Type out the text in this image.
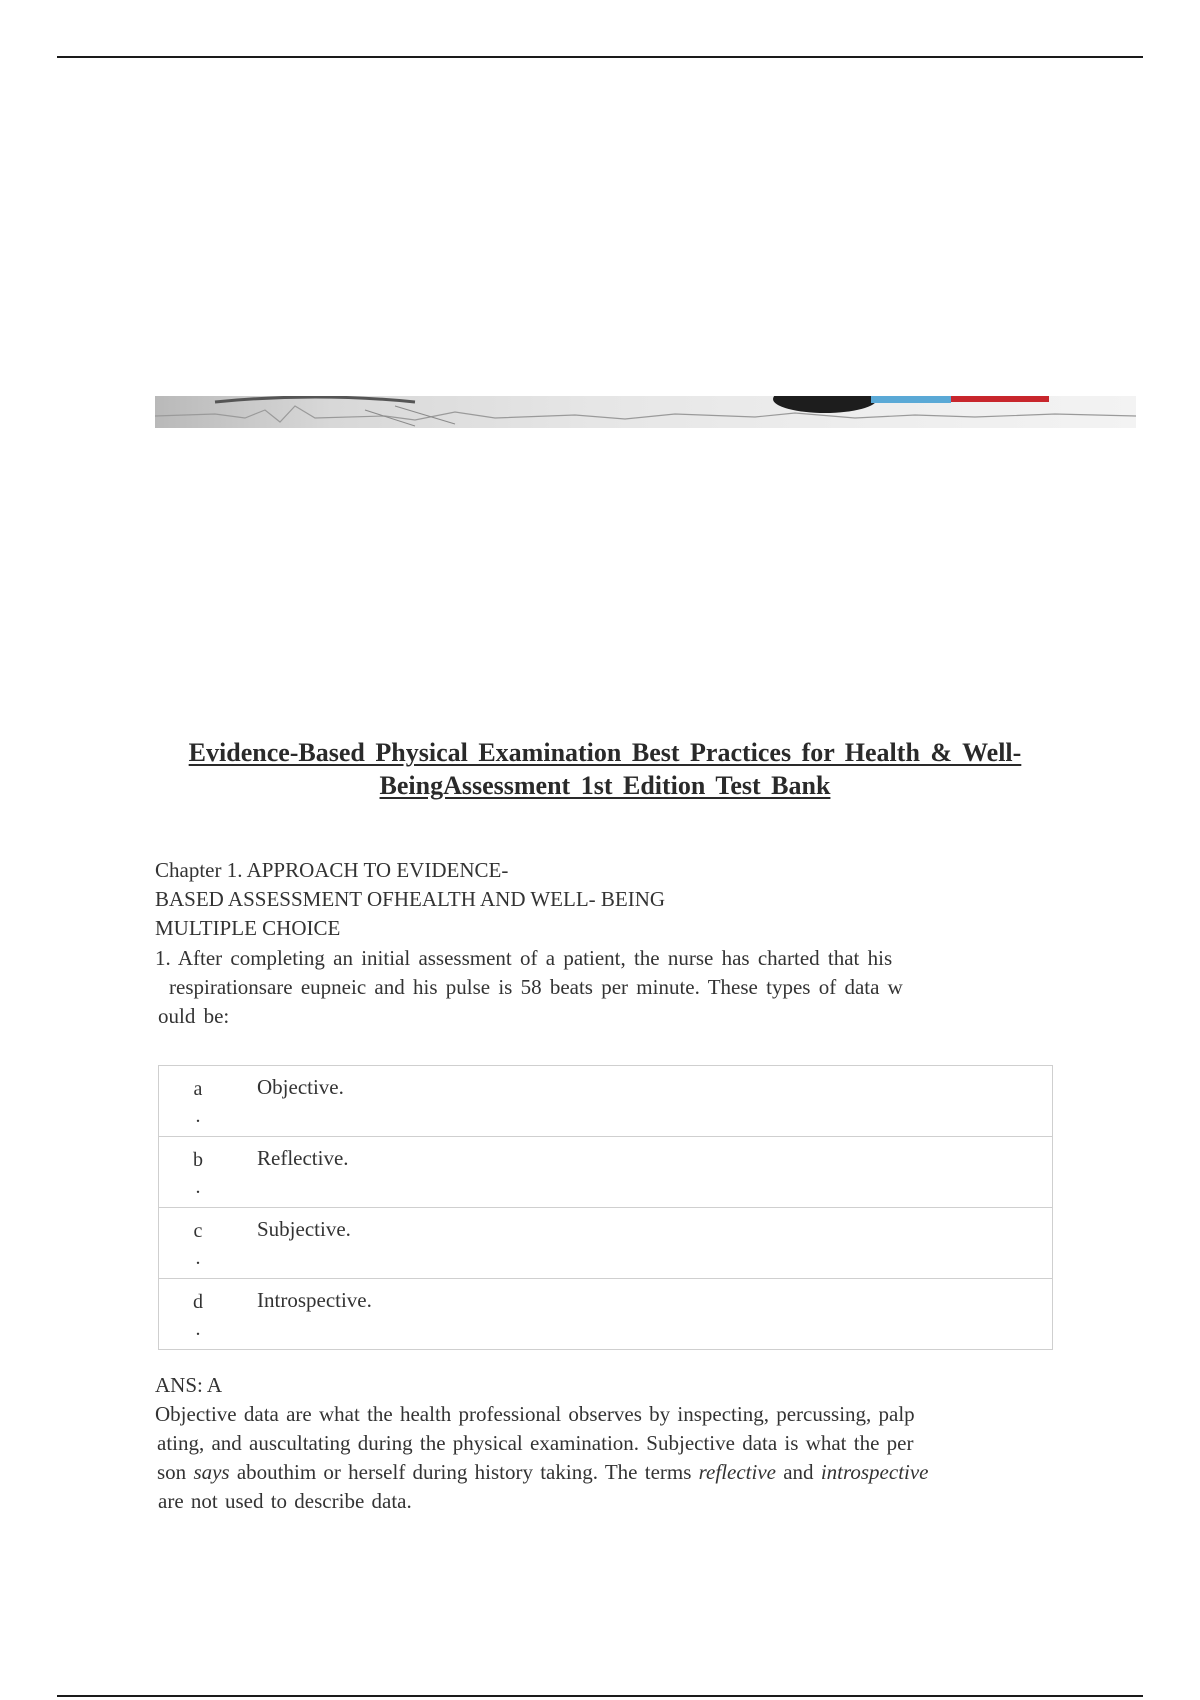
Evidence-Based Physical Examination Best Practices for Health & Well-
BeingAssessment 1st Edition Test Bank
Chapter 1. APPROACH TO EVIDENCE-
BASED ASSESSMENT OFHEALTH AND WELL- BEING
MULTIPLE CHOICE
1. After completing an initial assessment of a patient, the nurse has charted that his
respirationsare eupneic and his pulse is 58 beats per minute. These types of data w
ould be:
a
.
Objective.
b
.
Reflective.
c
.
Subjective.
d
.
Introspective.
ANS: A
Objective data are what the health professional observes by inspecting, percussing, palp
ating, and auscultating during the physical examination. Subjective data is what the per
son says abouthim or herself during history taking. The terms reflective and introspective
are not used to describe data.
